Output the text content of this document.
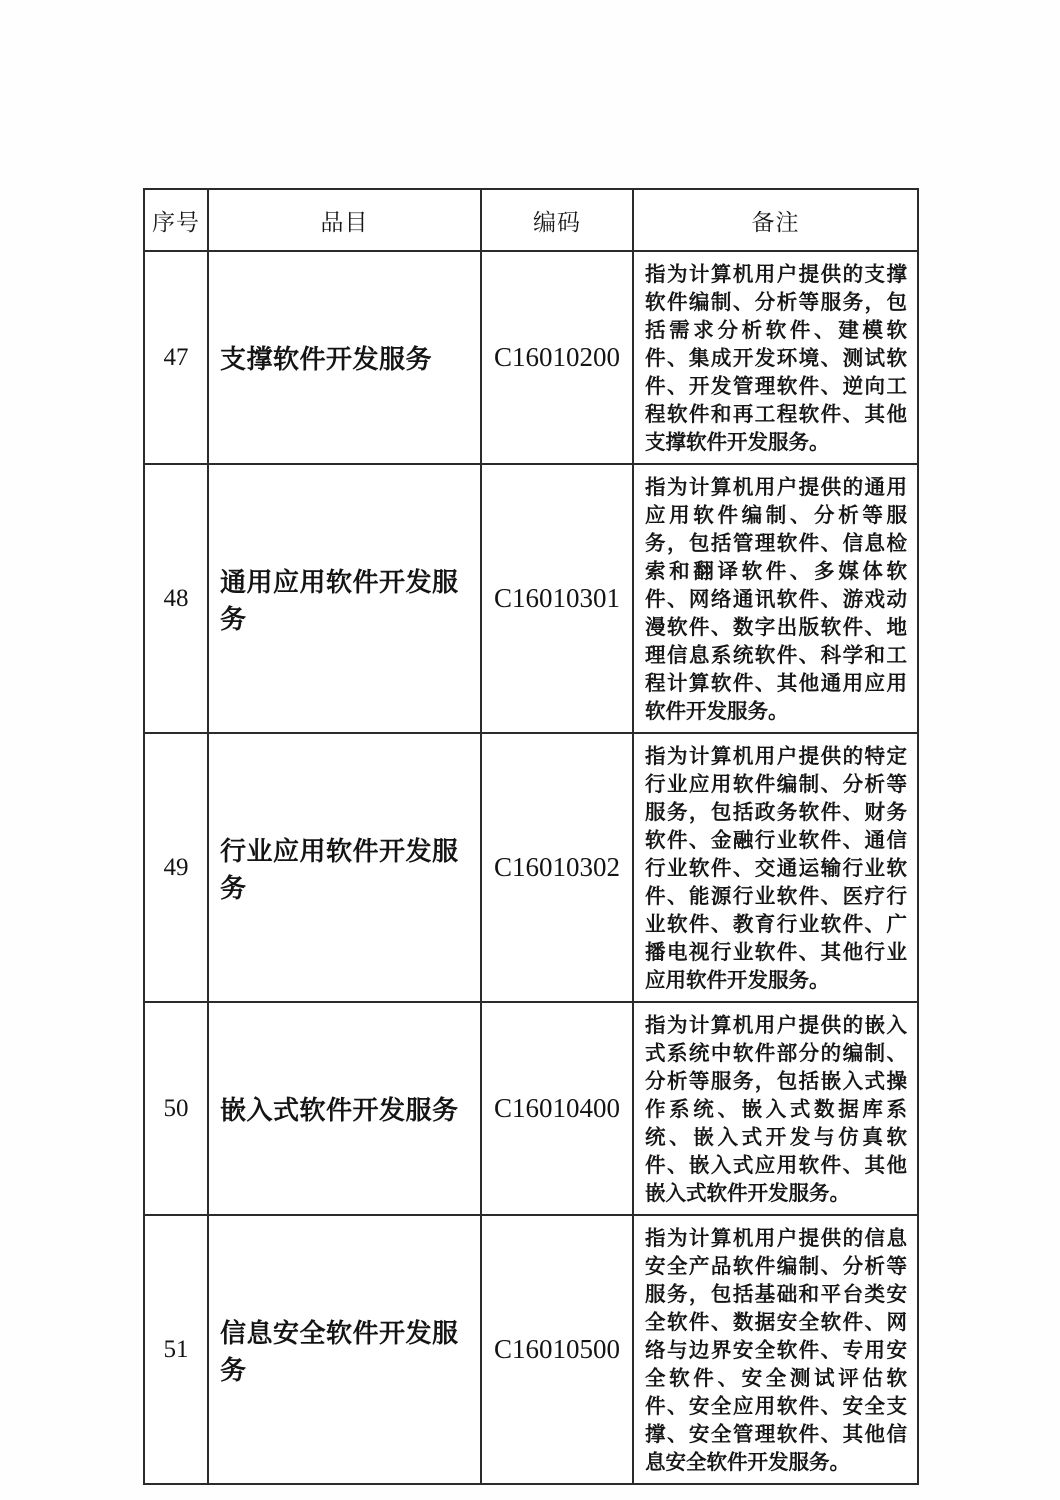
序号	品目	编码	备注
47	支撑软件开发服务	C16010200	指为计算机用户提供的支撑软件编制、分析等服务，包括需求分析软件、建模软件、集成开发环境、测试软件、开发管理软件、逆向工程软件和再工程软件、其他支撑软件开发服务。

48	通用应用软件开发服务	C16010301	指为计算机用户提供的通用应用软件编制、分析等服务，包括管理软件、信息检索和翻译软件、多媒体软件、网络通讯软件、游戏动漫软件、数字出版软件、地理信息系统软件、科学和工程计算软件、其他通用应用软件开发服务。

49	行业应用软件开发服务	C16010302	指为计算机用户提供的特定行业应用软件编制、分析等服务，包括政务软件、财务软件、金融行业软件、通信行业软件、交通运输行业软件、能源行业软件、医疗行业软件、教育行业软件、广播电视行业软件、其他行业应用软件开发服务。

50	嵌入式软件开发服务	C16010400	指为计算机用户提供的嵌入式系统中软件部分的编制、分析等服务，包括嵌入式操作系统、嵌入式数据库系统、嵌入式开发与仿真软件、嵌入式应用软件、其他嵌入式软件开发服务。

51	信息安全软件开发服务	C16010500	指为计算机用户提供的信息安全产品软件编制、分析等服务，包括基础和平台类安全软件、数据安全软件、网络与边界安全软件、专用安全软件、安全测试评估软件、安全应用软件、安全支撑、安全管理软件、其他信息安全软件开发服务。
